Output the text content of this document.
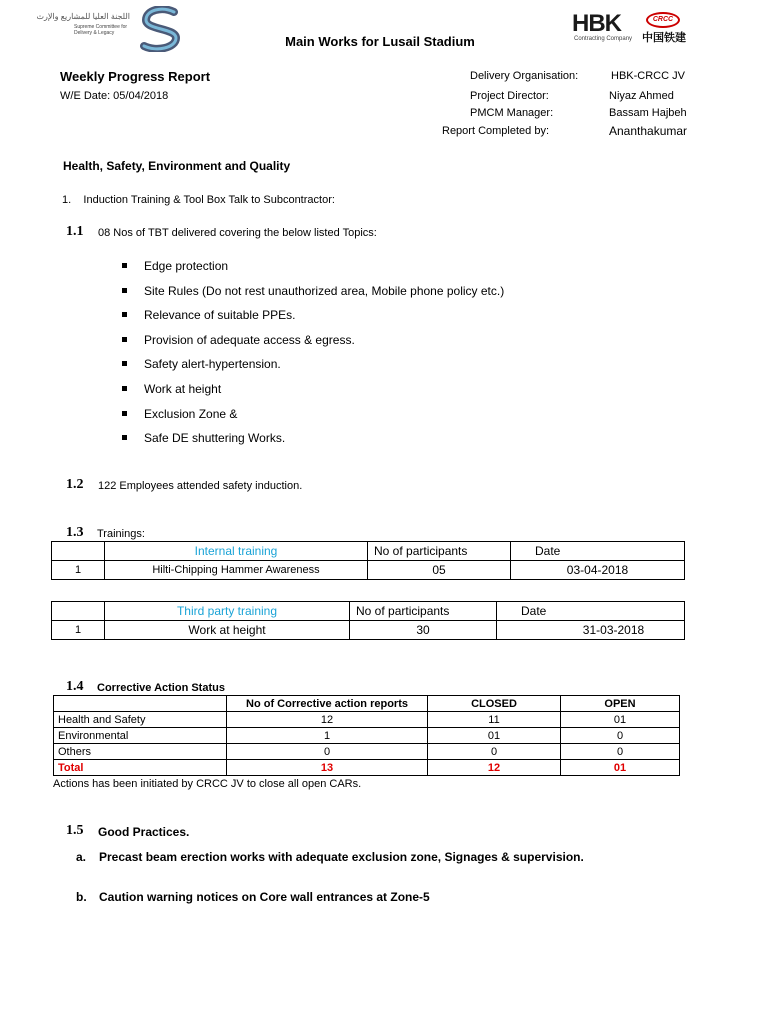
اللجنة العليا للمشاريع والإرث
Supreme Committee for Delivery & Legacy
Main Works for Lusail Stadium
HBK
Contracting Company
CRCC
中国铁建
Weekly Progress Report
W/E Date: 05/04/2018
Delivery Organisation:	HBK-CRCC JV
Project Director:	Niyaz Ahmed
PMCM Manager:	Bassam Hajbeh
Report Completed by:	Ananthakumar
Health, Safety, Environment and Quality
1.    Induction Training & Tool Box Talk to Subcontractor:
1.1 08 Nos of TBT delivered covering the below listed Topics:
Edge protection
Site Rules (Do not rest unauthorized area, Mobile phone policy etc.)
Relevance of suitable PPEs.
Provision of adequate access & egress.
Safety alert-hypertension.
Work at height
Exclusion Zone &
Safe DE shuttering Works.
1.2 122 Employees attended safety induction.
1.3 Trainings:
	Internal training	No of participants	Date
1	Hilti-Chipping Hammer Awareness	05	03-04-2018
	Third party training	No of participants	Date
1	Work at height	30	31-03-2018
1.4 Corrective Action Status
	No of Corrective action reports	CLOSED	OPEN
Health and Safety	12	11	01
Environmental	1	01	0
Others	0	0	0
Total	13	12	01
Actions has been initiated by CRCC JV to close all open CARs.
1.5 Good Practices.
a. Precast beam erection works with adequate exclusion zone, Signages & supervision.
b. Caution warning notices on Core wall entrances at Zone-5
